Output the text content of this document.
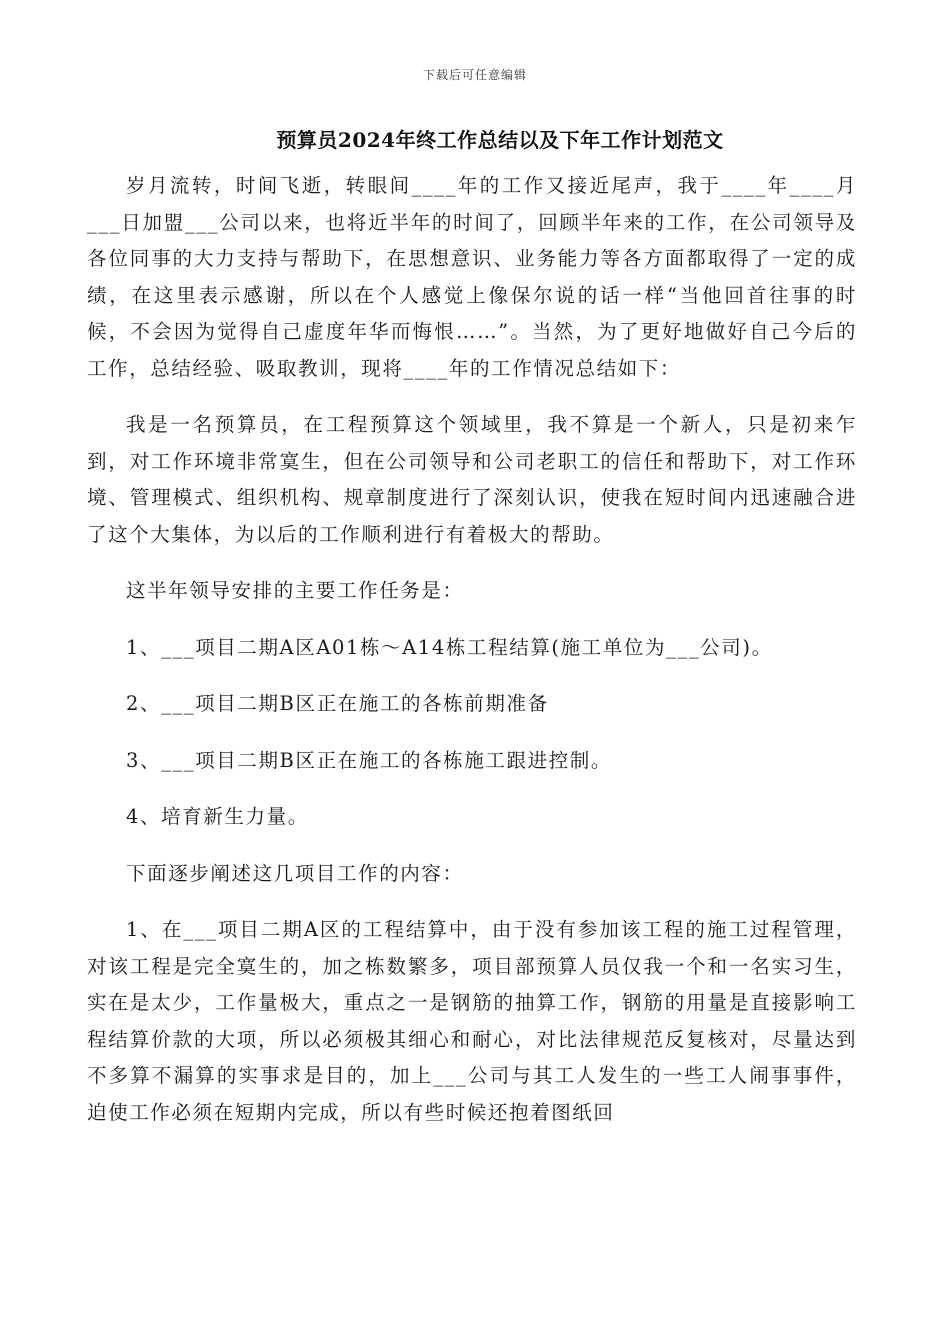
下载后可任意编辑
预算员2024年终工作总结以及下年工作计划范文

岁月流转，时间飞逝，转眼间____年的工作又接近尾声，我于____年____月___日加盟___公司以来，也将近半年的时间了，回顾半年来的工作，在公司领导及各位同事的大力支持与帮助下，在思想意识、业务能力等各方面都取得了一定的成绩，在这里表示感谢，所以在个人感觉上像保尔说的话一样“当他回首往事的时候，不会因为觉得自己虚度年华而悔恨……”。当然，为了更好地做好自己今后的工作，总结经验、吸取教训，现将____年的工作情况总结如下：

我是一名预算员，在工程预算这个领域里，我不算是一个新人，只是初来乍到，对工作环境非常寞生，但在公司领导和公司老职工的信任和帮助下，对工作环境、管理模式、组织机构、规章制度进行了深刻认识，使我在短时间内迅速融合进了这个大集体，为以后的工作顺利进行有着极大的帮助。

这半年领导安排的主要工作任务是：

1、___项目二期A区A01栋～A14栋工程结算(施工单位为___公司)。

2、___项目二期B区正在施工的各栋前期准备

3、___项目二期B区正在施工的各栋施工跟进控制。

4、培育新生力量。

下面逐步阐述这几项目工作的内容：

1、在___项目二期A区的工程结算中，由于没有参加该工程的施工过程管理，对该工程是完全寞生的，加之栋数繁多，项目部预算人员仅我一个和一名实习生，实在是太少，工作量极大，重点之一是钢筋的抽算工作，钢筋的用量是直接影响工程结算价款的大项，所以必须极其细心和耐心，对比法律规范反复核对，尽量达到不多算不漏算的实事求是目的，加上___公司与其工人发生的一些工人闹事事件，迫使工作必须在短期内完成，所以有些时候还抱着图纸回
